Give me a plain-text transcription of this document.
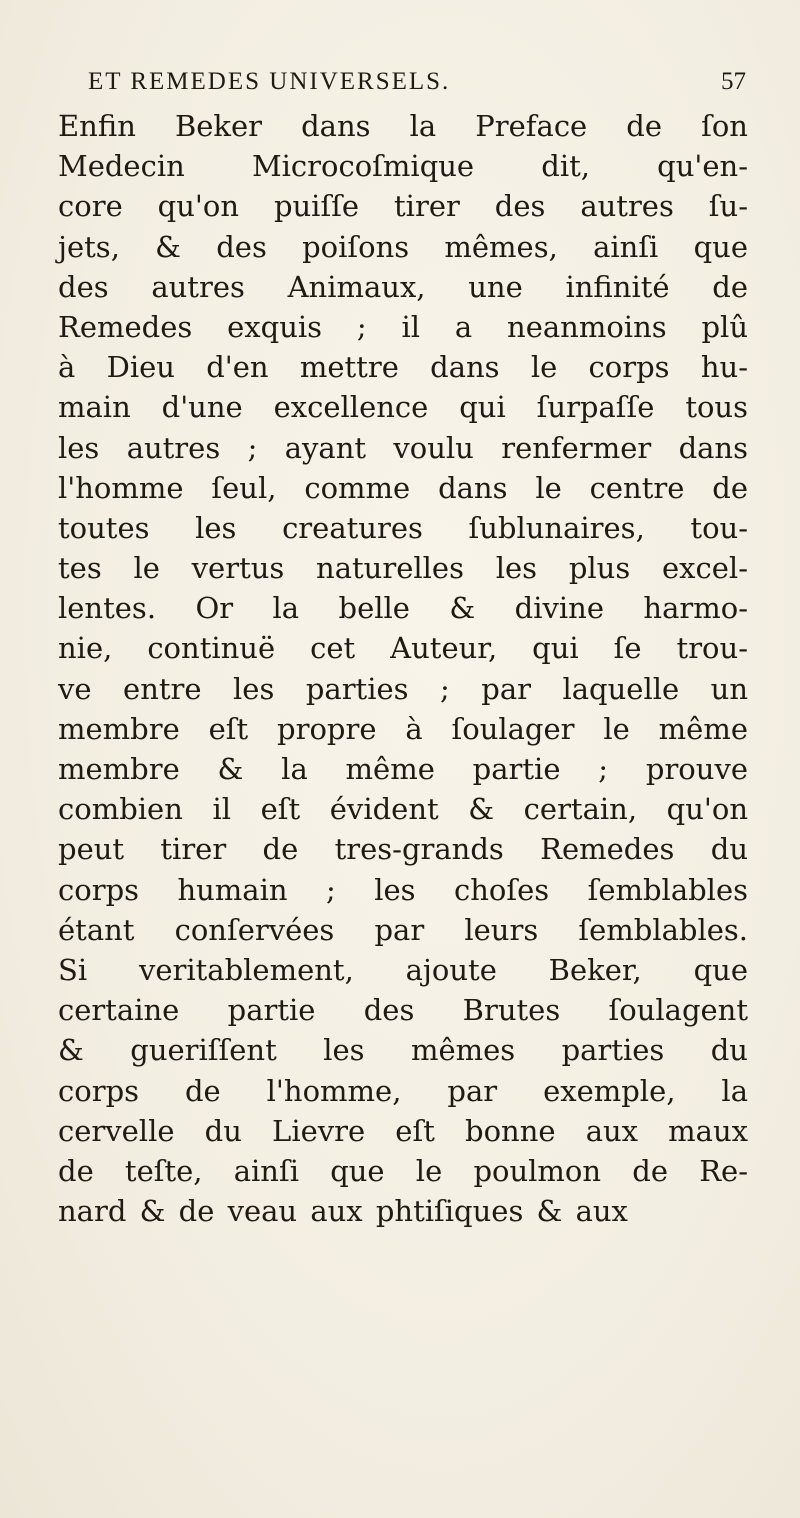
ET REMEDES UNIVERSELS.	57
Enfin Beker dans la Preface de ſon
Medecin Microcoſmique dit, qu'en-
core qu'on puiſſe tirer des autres ſu-
jets, & des poiſons mêmes, ainſi que
des autres Animaux, une infinité de
Remedes exquis ; il a neanmoins plû
à Dieu d'en mettre dans le corps hu-
main d'une excellence qui ſurpaſſe tous
les autres ; ayant voulu renfermer dans
l'homme ſeul, comme dans le centre de
toutes les creatures ſublunaires, tou-
tes le vertus naturelles les plus excel-
lentes. Or la belle & divine harmo-
nie, continuë cet Auteur, qui ſe trou-
ve entre les parties ; par laquelle un
membre eſt propre à ſoulager le même
membre & la même partie ; prouve
combien il eſt évident & certain, qu'on
peut tirer de tres-grands Remedes du
corps humain ; les choſes ſemblables
étant conſervées par leurs ſemblables.
Si veritablement, ajoute Beker, que
certaine partie des Brutes ſoulagent
& gueriſſent les mêmes parties du
corps de l'homme, par exemple, la
cervelle du Lievre eſt bonne aux maux
de teſte, ainſi que le poulmon de Re-
nard & de veau aux phtiſiques & aux
